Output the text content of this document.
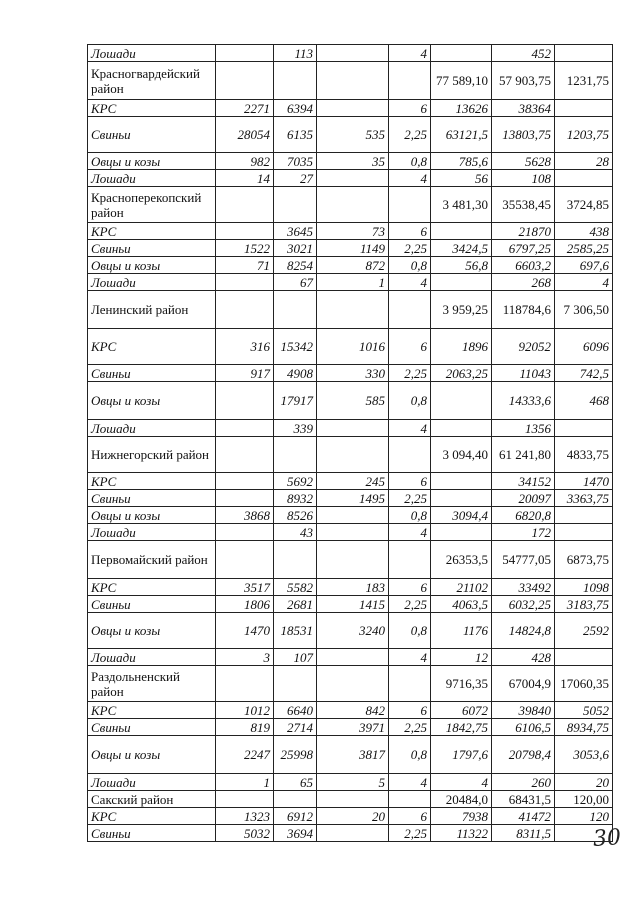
Лошади		113		4		452	
Красногвардейский район					77 589,10	57 903,75	1231,75
КРС	2271	6394		6	13626	38364	
Свиньи	28054	6135	535	2,25	63121,5	13803,75	1203,75
Овцы и козы	982	7035	35	0,8	785,6	5628	28
Лошади	14	27		4	56	108	
Красноперекопский район					3 481,30	35538,45	3724,85
КРС		3645	73	6		21870	438
Свиньи	1522	3021	1149	2,25	3424,5	6797,25	2585,25
Овцы и козы	71	8254	872	0,8	56,8	6603,2	697,6
Лошади		67	1	4		268	4
Ленинский район					3 959,25	118784,6	7 306,50
КРС	316	15342	1016	6	1896	92052	6096
Свиньи	917	4908	330	2,25	2063,25	11043	742,5
Овцы и козы		17917	585	0,8		14333,6	468
Лошади		339		4		1356	
Нижнегорский район					3 094,40	61 241,80	4833,75
КРС		5692	245	6		34152	1470
Свиньи		8932	1495	2,25		20097	3363,75
Овцы и козы	3868	8526		0,8	3094,4	6820,8	
Лошади		43		4		172	
Первомайский район					26353,5	54777,05	6873,75
КРС	3517	5582	183	6	21102	33492	1098
Свиньи	1806	2681	1415	2,25	4063,5	6032,25	3183,75
Овцы и козы	1470	18531	3240	0,8	1176	14824,8	2592
Лошади	3	107		4	12	428	
Раздольненский район					9716,35	67004,9	17060,35
КРС	1012	6640	842	6	6072	39840	5052
Свиньи	819	2714	3971	2,25	1842,75	6106,5	8934,75
Овцы и козы	2247	25998	3817	0,8	1797,6	20798,4	3053,6
Лошади	1	65	5	4	4	260	20
Сакский район					20484,0	68431,5	120,00
КРС	1323	6912	20	6	7938	41472	120
Свиньи	5032	3694		2,25	11322	8311,5	30
